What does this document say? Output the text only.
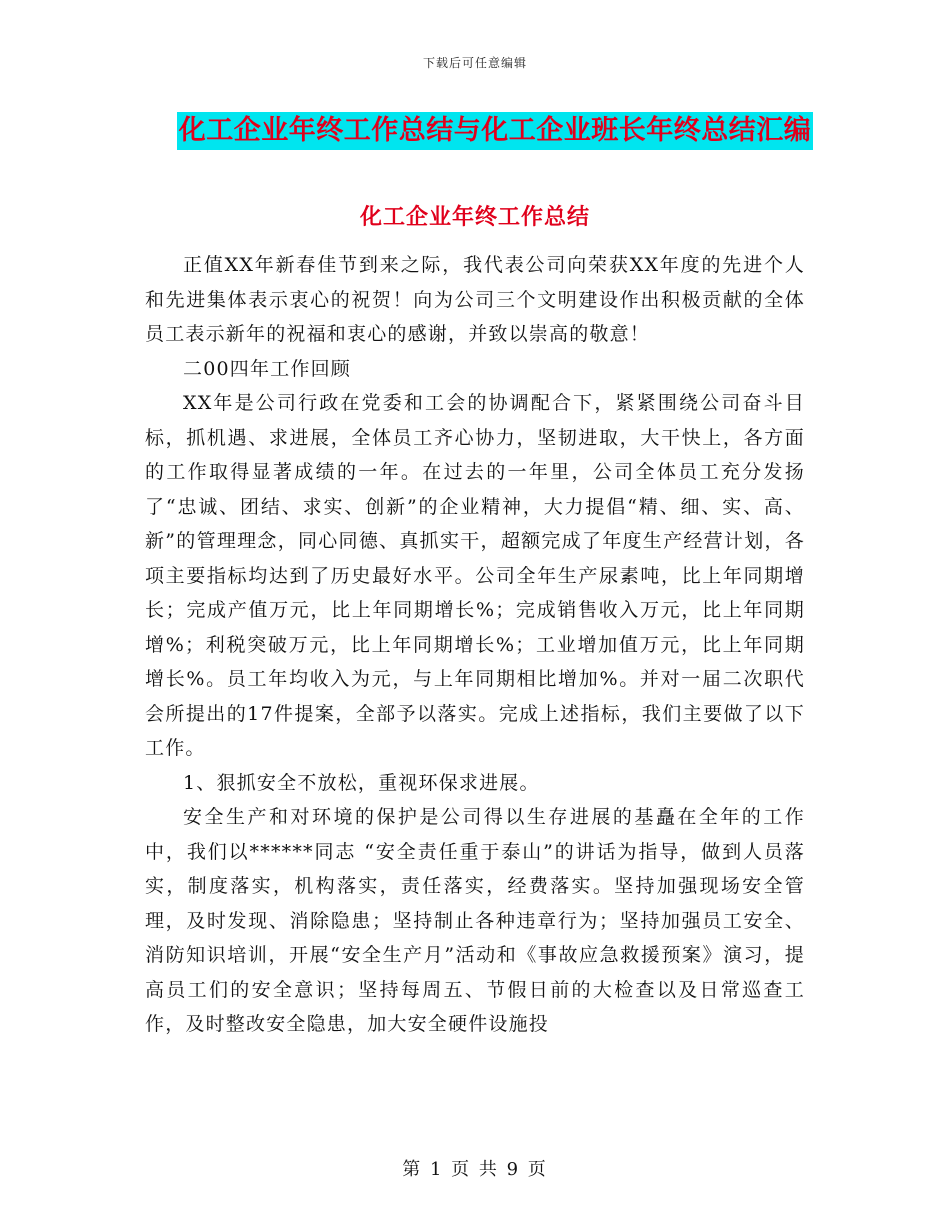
下载后可任意编辑
化工企业年终工作总结与化工企业班长年终总结汇编
化工企业年终工作总结

正值XX年新春佳节到来之际，我代表公司向荣获XX年度的先进个人和先进集体表示衷心的祝贺！向为公司三个文明建设作出积极贡献的全体员工表示新年的祝福和衷心的感谢，并致以崇高的敬意！

二00四年工作回顾

XX年是公司行政在党委和工会的协调配合下，紧紧围绕公司奋斗目标，抓机遇、求进展，全体员工齐心协力，坚韧进取，大干快上，各方面的工作取得显著成绩的一年。在过去的一年里，公司全体员工充分发扬了“忠诚、团结、求实、创新”的企业精神，大力提倡“精、细、实、高、新”的管理理念，同心同德、真抓实干，超额完成了年度生产经营计划，各项主要指标均达到了历史最好水平。公司全年生产尿素吨，比上年同期增长；完成产值万元，比上年同期增长%；完成销售收入万元，比上年同期增%；利税突破万元，比上年同期增长%；工业增加值万元，比上年同期增长%。员工年均收入为元，与上年同期相比增加%。并对一届二次职代会所提出的17件提案，全部予以落实。完成上述指标，我们主要做了以下工作。

1、狠抓安全不放松，重视环保求进展。

安全生产和对环境的保护是公司得以生存进展的基矗在全年的工作中，我们以******同志 “安全责任重于泰山”的讲话为指导，做到人员落实，制度落实，机构落实，责任落实，经费落实。坚持加强现场安全管理，及时发现、消除隐患；坚持制止各种违章行为；坚持加强员工安全、消防知识培训，开展“安全生产月”活动和《事故应急救援预案》演习，提高员工们的安全意识；坚持每周五、节假日前的大检查以及日常巡查工作，及时整改安全隐患，加大安全硬件设施投

第 1 页 共 9 页
